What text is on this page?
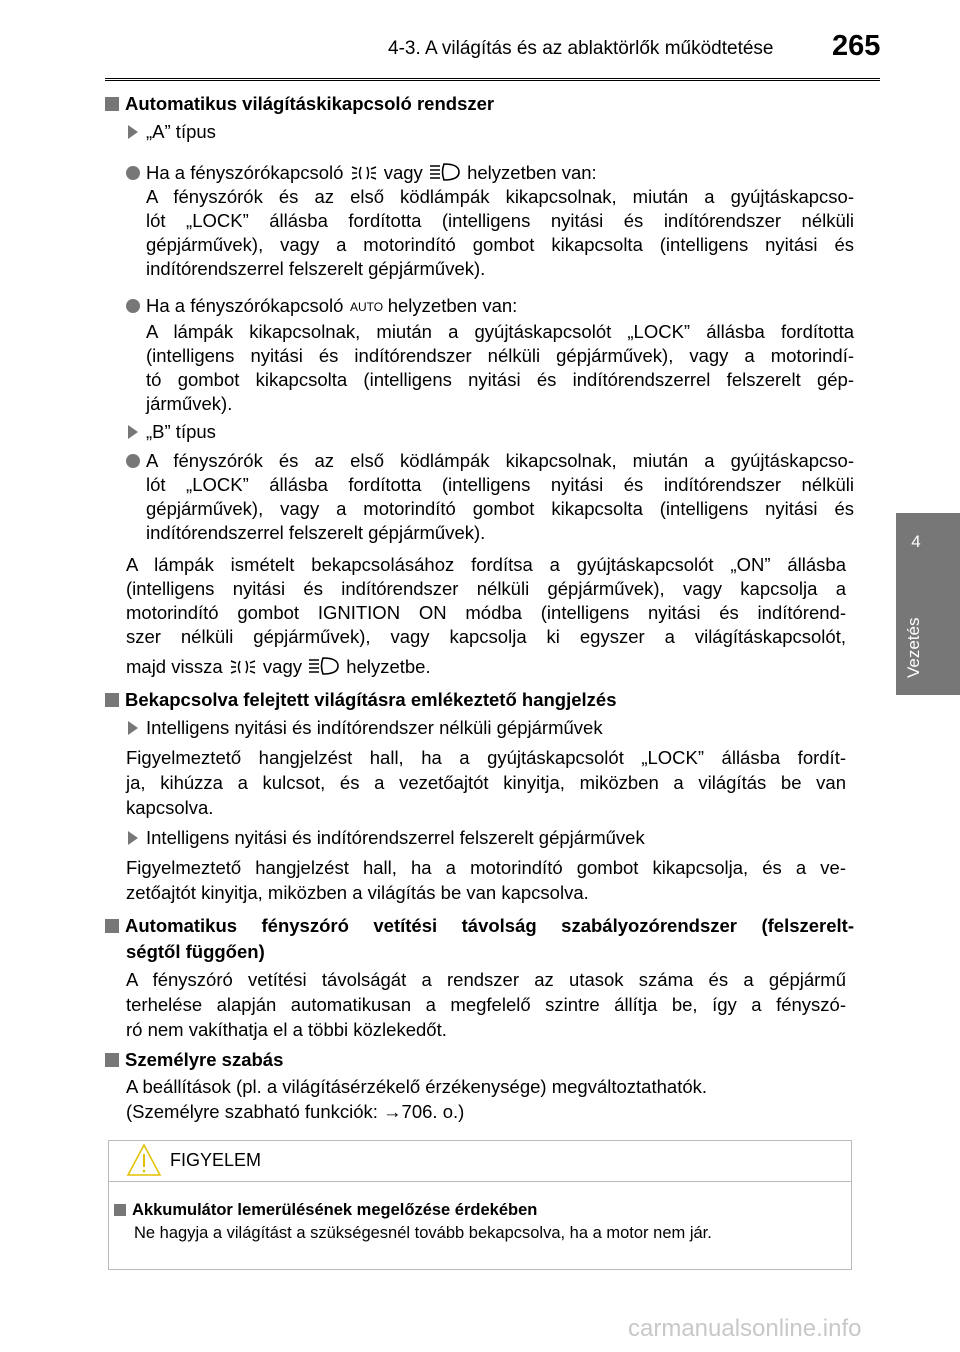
4-3. A világítás és az ablaktörlők működtetése 265
4
Vezetés
Automatikus világításkikapcsoló rendszer
„A” típus
Ha a fényszórókapcsoló vagy helyzetben van:
A fényszórók és az első ködlámpák kikapcsolnak, miután a gyújtáskapcso-
lót „LOCK” állásba fordította (intelligens nyitási és indítórendszer nélküli
gépjárművek), vagy a motorindító gombot kikapcsolta (intelligens nyitási és
indítórendszerrel felszerelt gépjárművek).
Ha a fényszórókapcsoló AUTO helyzetben van:
A lámpák kikapcsolnak, miután a gyújtáskapcsolót „LOCK” állásba fordította
(intelligens nyitási és indítórendszer nélküli gépjárművek), vagy a motorindí-
tó gombot kikapcsolta (intelligens nyitási és indítórendszerrel felszerelt gép-
járművek).
„B” típus
A fényszórók és az első ködlámpák kikapcsolnak, miután a gyújtáskapcso-
lót „LOCK” állásba fordította (intelligens nyitási és indítórendszer nélküli
gépjárművek), vagy a motorindító gombot kikapcsolta (intelligens nyitási és
indítórendszerrel felszerelt gépjárművek).
A lámpák ismételt bekapcsolásához fordítsa a gyújtáskapcsolót „ON” állásba
(intelligens nyitási és indítórendszer nélküli gépjárművek), vagy kapcsolja a
motorindító gombot IGNITION ON módba (intelligens nyitási és indítórend-
szer nélküli gépjárművek), vagy kapcsolja ki egyszer a világításkapcsolót,
majd vissza vagy helyzetbe.
Bekapcsolva felejtett világításra emlékeztető hangjelzés
Intelligens nyitási és indítórendszer nélküli gépjárművek
Figyelmeztető hangjelzést hall, ha a gyújtáskapcsolót „LOCK” állásba fordít-
ja, kihúzza a kulcsot, és a vezetőajtót kinyitja, miközben a világítás be van
kapcsolva.
Intelligens nyitási és indítórendszerrel felszerelt gépjárművek
Figyelmeztető hangjelzést hall, ha a motorindító gombot kikapcsolja, és a ve-
zetőajtót kinyitja, miközben a világítás be van kapcsolva.
Automatikus fényszóró vetítési távolság szabályozórendszer (felszerelt-
ségtől függően)
A fényszóró vetítési távolságát a rendszer az utasok száma és a gépjármű
terhelése alapján automatikusan a megfelelő szintre állítja be, így a fényszó-
ró nem vakíthatja el a többi közlekedőt.
Személyre szabás
A beállítások (pl. a világításérzékelő érzékenysége) megváltoztathatók.
(Személyre szabható funkciók: →706. o.)
FIGYELEM
Akkumulátor lemerülésének megelőzése érdekében
Ne hagyja a világítást a szükségesnél tovább bekapcsolva, ha a motor nem jár.
carmanualsonline.info
